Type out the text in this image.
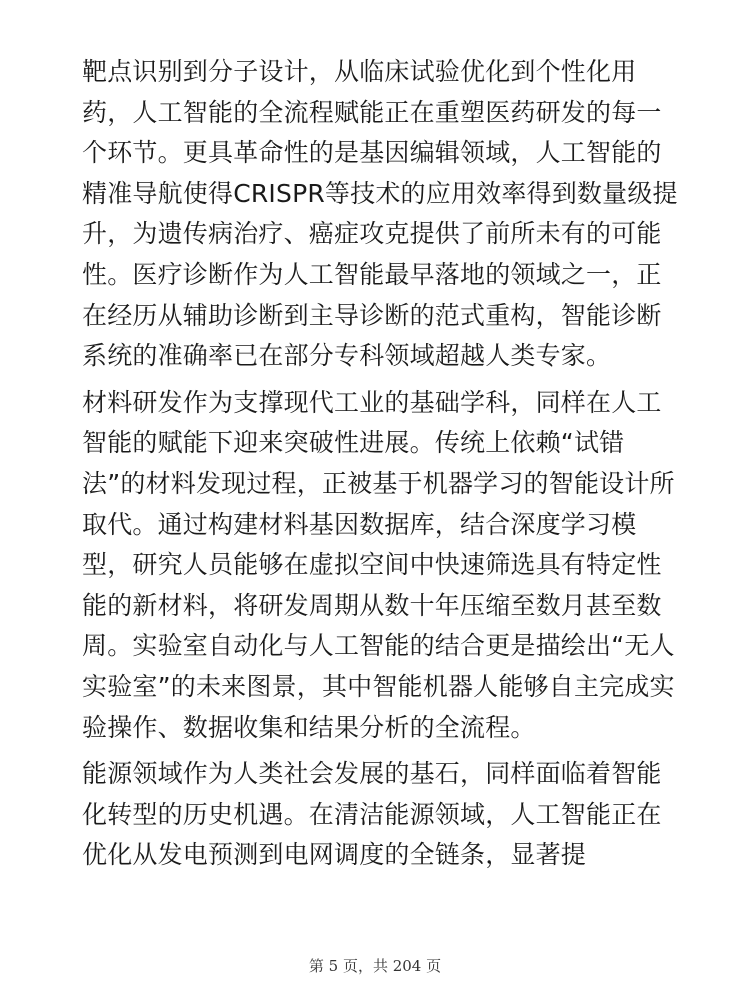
靶点识别到分子设计，从临床试验优化到个性化用药，人工智能的全流程赋能正在重塑医药研发的每一个环节。更具革命性的是基因编辑领域，人工智能的精准导航使得CRISPR等技术的应用效率得到数量级提升，为遗传病治疗、癌症攻克提供了前所未有的可能性。医疗诊断作为人工智能最早落地的领域之一，正在经历从辅助诊断到主导诊断的范式重构，智能诊断系统的准确率已在部分专科领域超越人类专家。

材料研发作为支撑现代工业的基础学科，同样在人工智能的赋能下迎来突破性进展。传统上依赖“试错法”的材料发现过程，正被基于机器学习的智能设计所取代。通过构建材料基因数据库，结合深度学习模型，研究人员能够在虚拟空间中快速筛选具有特定性能的新材料，将研发周期从数十年压缩至数月甚至数周。实验室自动化与人工智能的结合更是描绘出“无人实验室”的未来图景，其中智能机器人能够自主完成实验操作、数据收集和结果分析的全流程。

能源领域作为人类社会发展的基石，同样面临着智能化转型的历史机遇。在清洁能源领域，人工智能正在优化从发电预测到电网调度的全链条，显著提

第 5 页，共 204 页
